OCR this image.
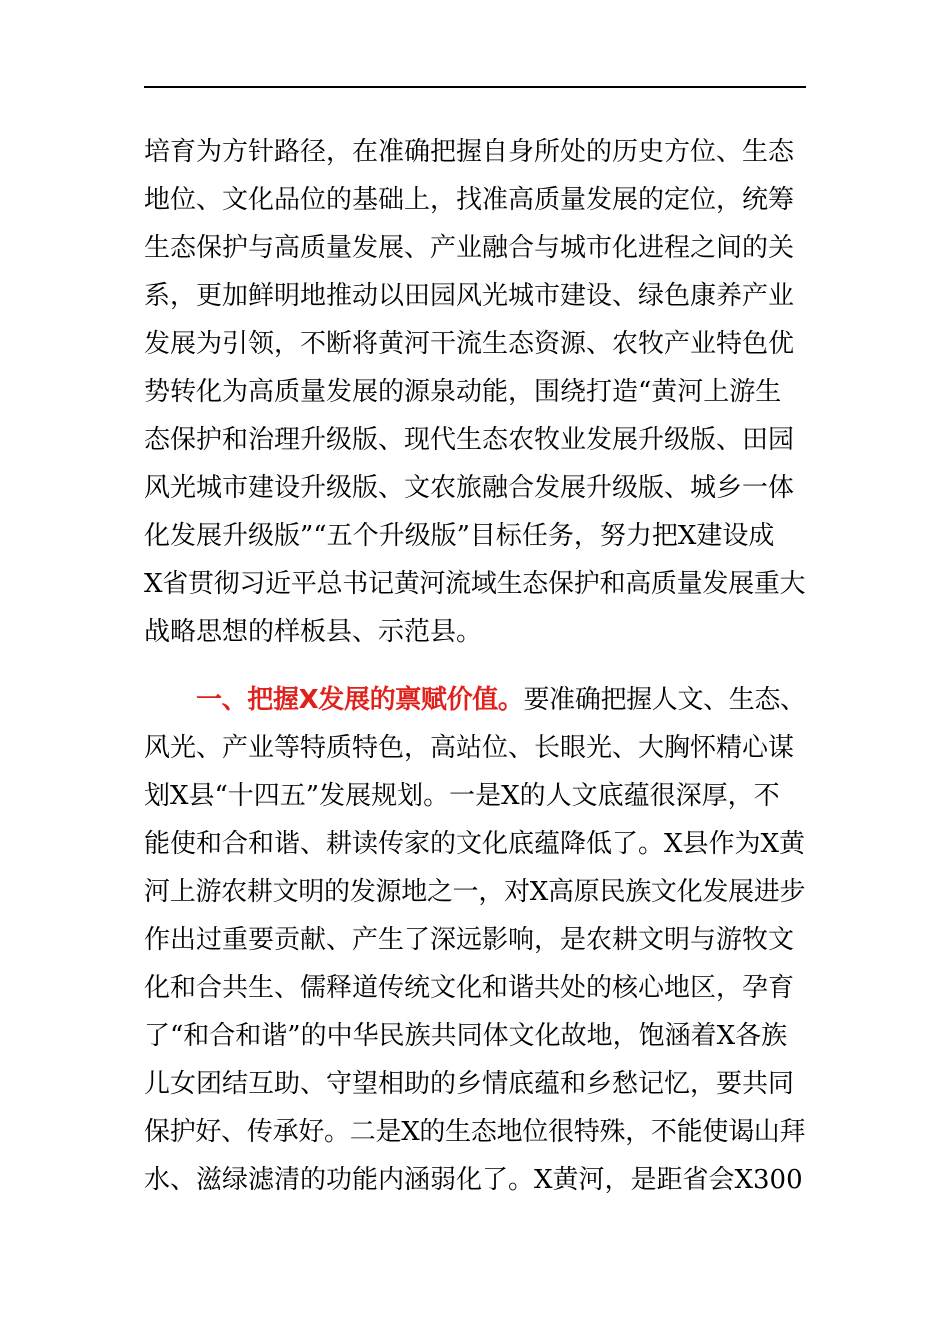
培育为方针路径，在准确把握自身所处的历史方位、生态
地位、文化品位的基础上，找准高质量发展的定位，统筹
生态保护与高质量发展、产业融合与城市化进程之间的关
系，更加鲜明地推动以田园风光城市建设、绿色康养产业
发展为引领，不断将黄河干流生态资源、农牧产业特色优
势转化为高质量发展的源泉动能，围绕打造“黄河上游生
态保护和治理升级版、现代生态农牧业发展升级版、田园
风光城市建设升级版、文农旅融合发展升级版、城乡一体
化发展升级版”“五个升级版”目标任务，努力把X建设成
X省贯彻习近平总书记黄河流域生态保护和高质量发展重大
战略思想的样板县、示范县。
一、把握X发展的禀赋价值。要准确把握人文、生态、
风光、产业等特质特色，高站位、长眼光、大胸怀精心谋
划X县“十四五”发展规划。一是X的人文底蕴很深厚，不
能使和合和谐、耕读传家的文化底蕴降低了。X县作为X黄
河上游农耕文明的发源地之一，对X高原民族文化发展进步
作出过重要贡献、产生了深远影响，是农耕文明与游牧文
化和合共生、儒释道传统文化和谐共处的核心地区，孕育
了“和合和谐”的中华民族共同体文化故地，饱涵着X各族
儿女团结互助、守望相助的乡情底蕴和乡愁记忆，要共同
保护好、传承好。二是X的生态地位很特殊，不能使谒山拜
水、滋绿滤清的功能内涵弱化了。X黄河，是距省会X300
